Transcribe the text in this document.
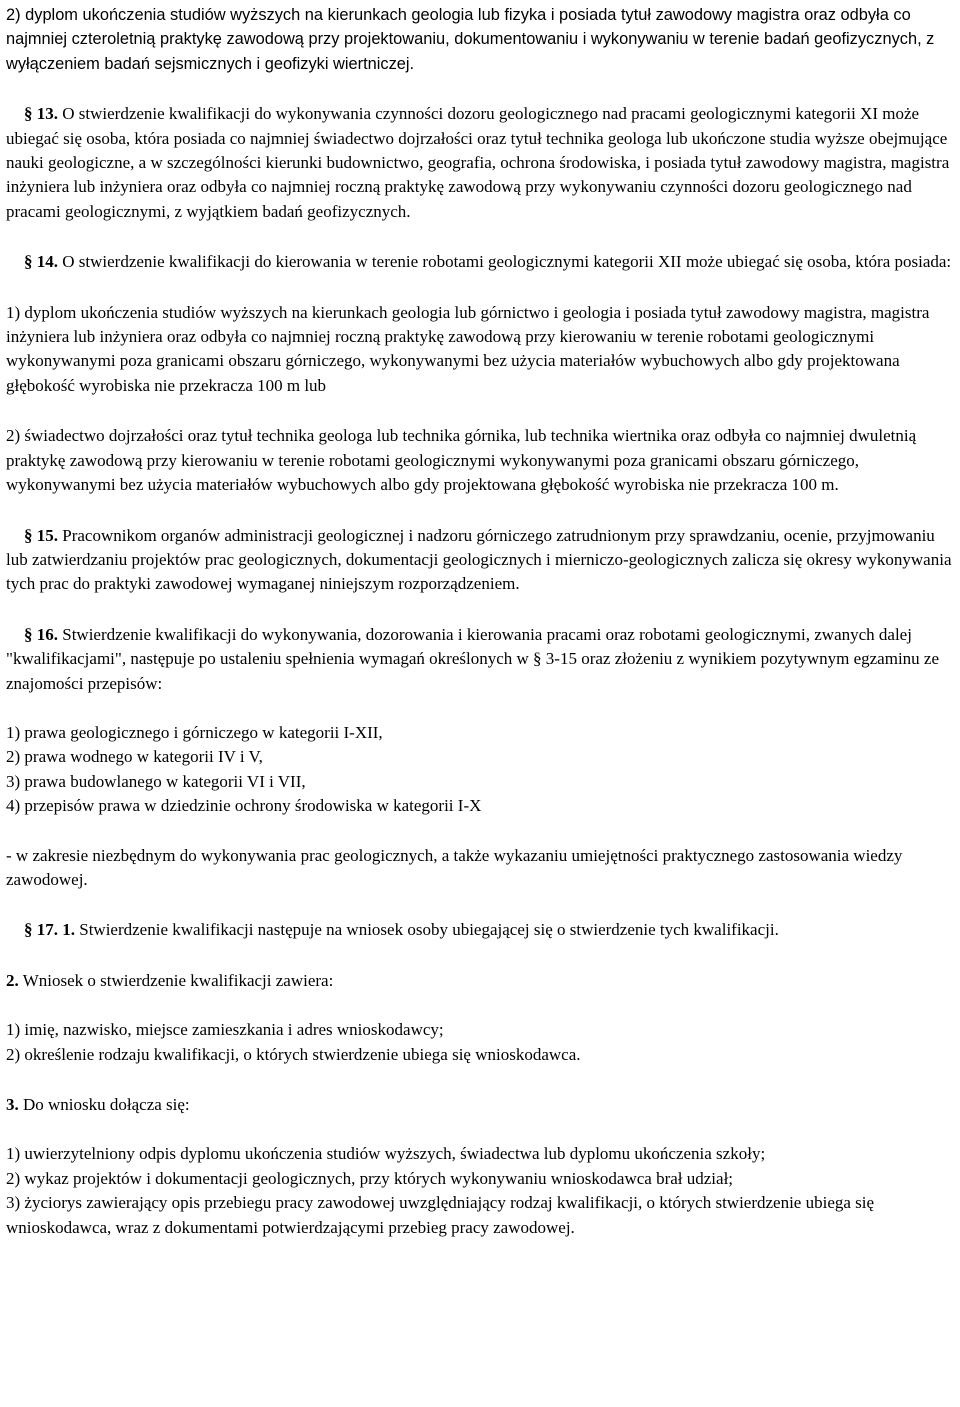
2) dyplom ukończenia studiów wyższych na kierunkach geologia lub fizyka i posiada tytuł zawodowy magistra oraz odbyła co najmniej czteroletnią praktykę zawodową przy projektowaniu, dokumentowaniu i wykonywaniu w terenie badań geofizycznych, z wyłączeniem badań sejsmicznych i geofizyki wiertniczej.

§ 13. O stwierdzenie kwalifikacji do wykonywania czynności dozoru geologicznego nad pracami geologicznymi kategorii XI może ubiegać się osoba, która posiada co najmniej świadectwo dojrzałości oraz tytuł technika geologa lub ukończone studia wyższe obejmujące nauki geologiczne, a w szczególności kierunki budownictwo, geografia, ochrona środowiska, i posiada tytuł zawodowy magistra, magistra inżyniera lub inżyniera oraz odbyła co najmniej roczną praktykę zawodową przy wykonywaniu czynności dozoru geologicznego nad pracami geologicznymi, z wyjątkiem badań geofizycznych.

§ 14. O stwierdzenie kwalifikacji do kierowania w terenie robotami geologicznymi kategorii XII może ubiegać się osoba, która posiada:

1) dyplom ukończenia studiów wyższych na kierunkach geologia lub górnictwo i geologia i posiada tytuł zawodowy magistra, magistra inżyniera lub inżyniera oraz odbyła co najmniej roczną praktykę zawodową przy kierowaniu w terenie robotami geologicznymi wykonywanymi poza granicami obszaru górniczego, wykonywanymi bez użycia materiałów wybuchowych albo gdy projektowana głębokość wyrobiska nie przekracza 100 m lub

2) świadectwo dojrzałości oraz tytuł technika geologa lub technika górnika, lub technika wiertnika oraz odbyła co najmniej dwuletnią praktykę zawodową przy kierowaniu w terenie robotami geologicznymi wykonywanymi poza granicami obszaru górniczego, wykonywanymi bez użycia materiałów wybuchowych albo gdy projektowana głębokość wyrobiska nie przekracza 100 m.

§ 15. Pracownikom organów administracji geologicznej i nadzoru górniczego zatrudnionym przy sprawdzaniu, ocenie, przyjmowaniu lub zatwierdzaniu projektów prac geologicznych, dokumentacji geologicznych i mierniczo-geologicznych zalicza się okresy wykonywania tych prac do praktyki zawodowej wymaganej niniejszym rozporządzeniem.

§ 16. Stwierdzenie kwalifikacji do wykonywania, dozorowania i kierowania pracami oraz robotami geologicznymi, zwanych dalej "kwalifikacjami", następuje po ustaleniu spełnienia wymagań określonych w § 3-15 oraz złożeniu z wynikiem pozytywnym egzaminu ze znajomości przepisów:

1) prawa geologicznego i górniczego w kategorii I-XII,

2) prawa wodnego w kategorii IV i V,

3) prawa budowlanego w kategorii VI i VII,

4) przepisów prawa w dziedzinie ochrony środowiska w kategorii I-X

- w zakresie niezbędnym do wykonywania prac geologicznych, a także wykazaniu umiejętności praktycznego zastosowania wiedzy zawodowej.

§ 17. 1. Stwierdzenie kwalifikacji następuje na wniosek osoby ubiegającej się o stwierdzenie tych kwalifikacji.

2. Wniosek o stwierdzenie kwalifikacji zawiera:

1) imię, nazwisko, miejsce zamieszkania i adres wnioskodawcy;

2) określenie rodzaju kwalifikacji, o których stwierdzenie ubiega się wnioskodawca.

3. Do wniosku dołącza się:

1) uwierzytelniony odpis dyplomu ukończenia studiów wyższych, świadectwa lub dyplomu ukończenia szkoły;

2) wykaz projektów i dokumentacji geologicznych, przy których wykonywaniu wnioskodawca brał udział;

3) życiorys zawierający opis przebiegu pracy zawodowej uwzględniający rodzaj kwalifikacji, o których stwierdzenie ubiega się wnioskodawca, wraz z dokumentami potwierdzającymi przebieg pracy zawodowej.
